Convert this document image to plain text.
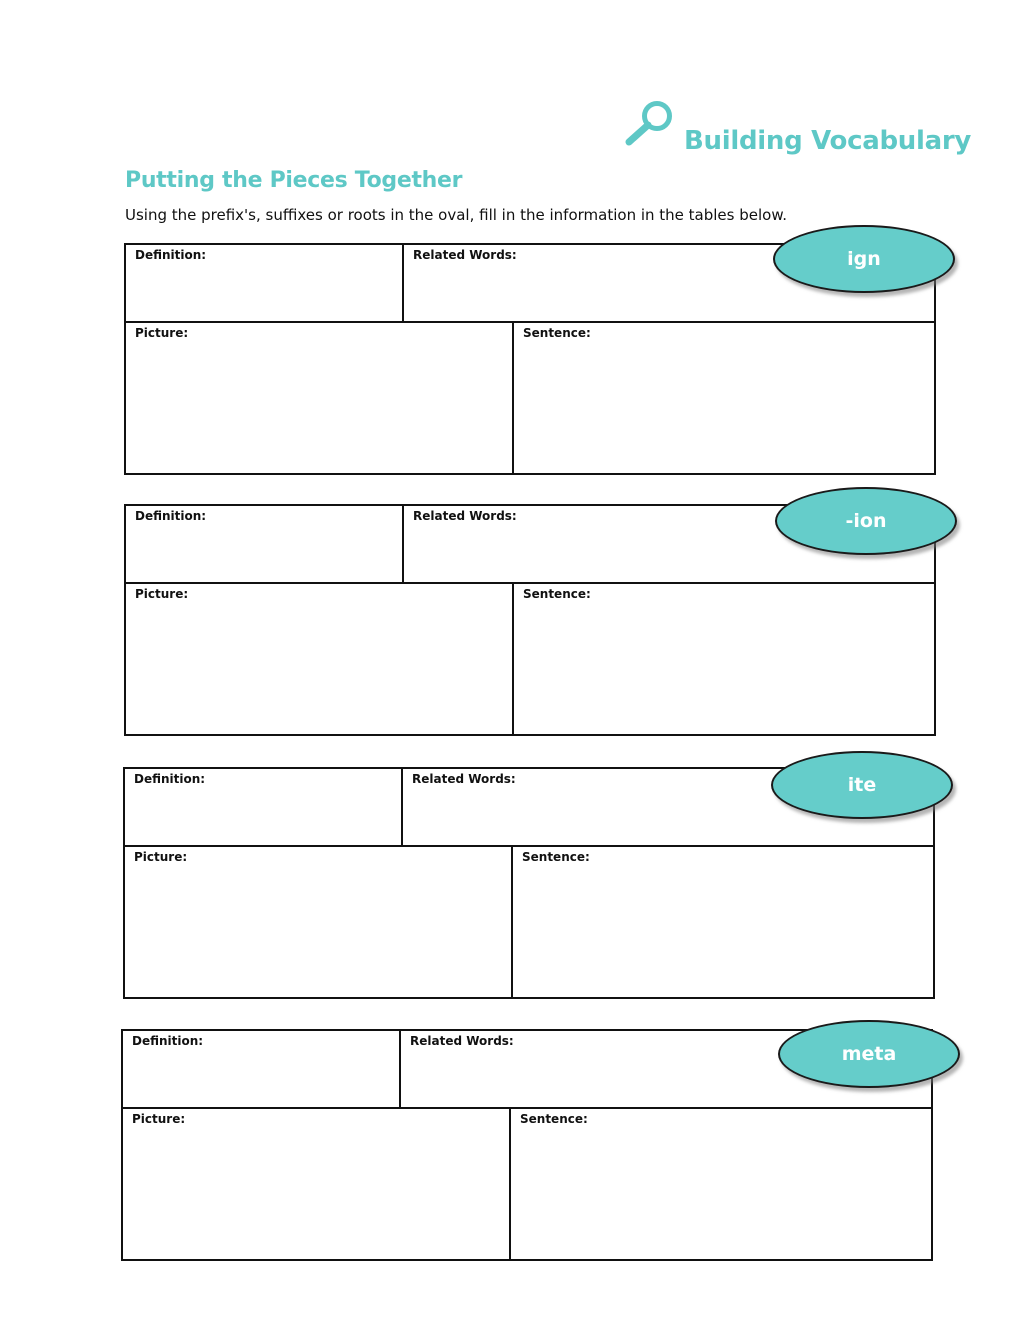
Building Vocabulary
Putting the Pieces Together
Using the prefix's, suffixes or roots in the oval, fill in the information in the tables below.
Definition:	Related Words:
Picture:	Sentence:
ign
Definition:	Related Words:
Picture:	Sentence:
-ion
Definition:	Related Words:
Picture:	Sentence:
ite
Definition:	Related Words:
Picture:	Sentence:
meta
